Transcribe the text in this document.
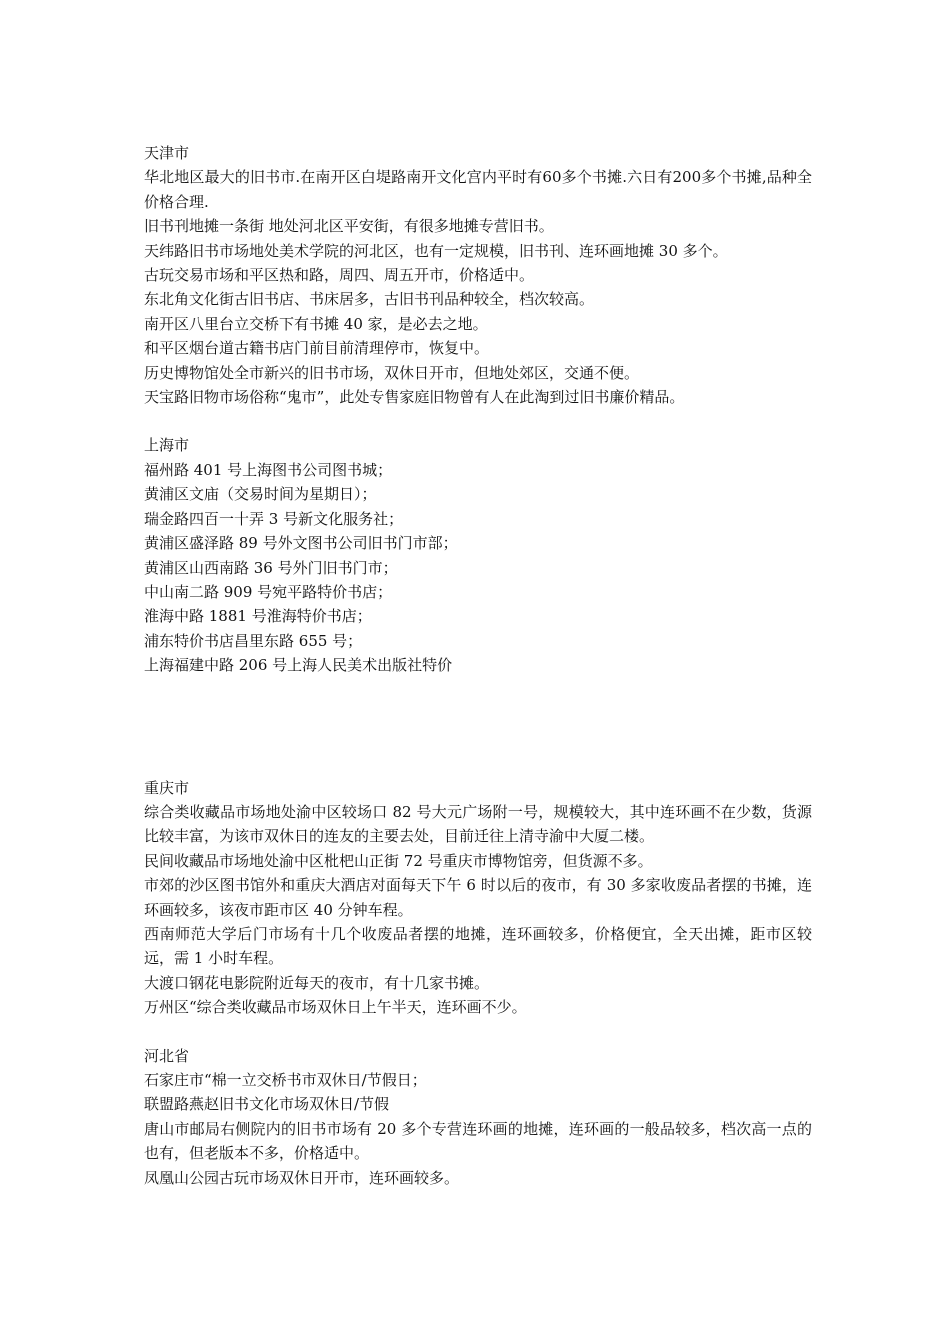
天津市

华北地区最大的旧书市.在南开区白堤路南开文化宫内平时有60多个书摊.六日有200多个书摊,品种全价格合理.

旧书刊地摊一条街 地处河北区平安街，有很多地摊专营旧书。

天纬路旧书市场地处美术学院的河北区，也有一定规模，旧书刊、连环画地摊 30 多个。

古玩交易市场和平区热和路，周四、周五开市，价格适中。

东北角文化街古旧书店、书床居多，古旧书刊品种较全，档次较高。

南开区八里台立交桥下有书摊 40 家，是必去之地。

和平区烟台道古籍书店门前目前清理停市，恢复中。

历史博物馆处全市新兴的旧书市场，双休日开市，但地处郊区，交通不便。

天宝路旧物市场俗称“鬼市”，此处专售家庭旧物曾有人在此淘到过旧书廉价精品。

上海市

福州路 401 号上海图书公司图书城；

黄浦区文庙（交易时间为星期日）；

瑞金路四百一十弄 3 号新文化服务社；

黄浦区盛泽路 89 号外文图书公司旧书门市部；

黄浦区山西南路 36 号外门旧书门市；

中山南二路 909 号宛平路特价书店；

淮海中路 1881 号淮海特价书店；

浦东特价书店昌里东路 655 号；

上海福建中路 206 号上海人民美术出版社特价

重庆市

综合类收藏品市场地处渝中区较场口 82 号大元广场附一号，规模较大，其中连环画不在少数，货源比较丰富，为该市双休日的连友的主要去处，目前迁往上清寺渝中大厦二楼。

民间收藏品市场地处渝中区枇杷山正街 72 号重庆市博物馆旁，但货源不多。

市郊的沙区图书馆外和重庆大酒店对面每天下午 6 时以后的夜市，有 30 多家收废品者摆的书摊，连环画较多，该夜市距市区 40 分钟车程。

西南师范大学后门市场有十几个收废品者摆的地摊，连环画较多，价格便宜，全天出摊，距市区较远，需 1 小时车程。

大渡口钢花电影院附近每天的夜市，有十几家书摊。

万州区“综合类收藏品市场双休日上午半天，连环画不少。

河北省

石家庄市“棉一立交桥书市双休日/节假日；

联盟路燕赵旧书文化市场双休日/节假

唐山市邮局右侧院内的旧书市场有 20 多个专营连环画的地摊，连环画的一般品较多，档次高一点的也有，但老版本不多，价格适中。

凤凰山公园古玩市场双休日开市，连环画较多。
